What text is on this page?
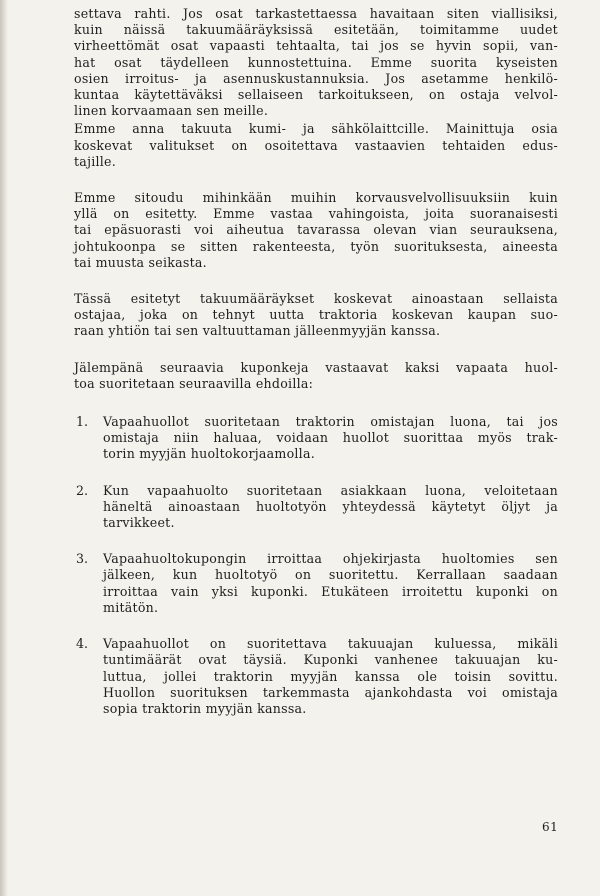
settava rahti. Jos osat tarkastettaessa havaitaan siten viallisiksi,
kuin näissä takuumääräyksissä esitetään, toimitamme uudet
virheettömät osat vapaasti tehtaalta, tai jos se hyvin sopii, van-
hat osat täydelleen kunnostettuina. Emme suorita kyseisten
osien irroitus- ja asennuskustannuksia. Jos asetamme henkilö-
kuntaa käytettäväksi sellaiseen tarkoitukseen, on ostaja velvol-
linen korvaamaan sen meille.

Emme anna takuuta kumi- ja sähkölaittcille. Mainittuja osia
koskevat valitukset on osoitettava vastaavien tehtaiden edus-
tajille.

Emme sitoudu mihinkään muihin korvausvelvollisuuksiin kuin
yllä on esitetty. Emme vastaa vahingoista, joita suoranaisesti
tai epäsuorasti voi aiheutua tavarassa olevan vian seurauksena,
johtukoonpa se sitten rakenteesta, työn suorituksesta, aineesta
tai muusta seikasta.

Tässä esitetyt takuumääräykset koskevat ainoastaan sellaista
ostajaa, joka on tehnyt uutta traktoria koskevan kaupan suo-
raan yhtiön tai sen valtuuttaman jälleenmyyjän kanssa.

Jälempänä seuraavia kuponkeja vastaavat kaksi vapaata huol-
toa suoritetaan seuraavilla ehdoilla:

1. Vapaahuollot suoritetaan traktorin omistajan luona, tai jos
omistaja niin haluaa, voidaan huollot suorittaa myös trak-
torin myyjän huoltokorjaamolla.
2. Kun vapaahuolto suoritetaan asiakkaan luona, veloitetaan
häneltä ainoastaan huoltotyön yhteydessä käytetyt öljyt ja
tarvikkeet.
3. Vapaahuoltokupongin irroittaa ohjekirjasta huoltomies sen
jälkeen, kun huoltotyö on suoritettu. Kerrallaan saadaan
irroittaa vain yksi kuponki. Etukäteen irroitettu kuponki on
mitätön.
4. Vapaahuollot on suoritettava takuuajan kuluessa, mikäli
tuntimäärät ovat täysiä. Kuponki vanhenee takuuajan ku-
luttua, jollei traktorin myyjän kanssa ole toisin sovittu.
Huollon suorituksen tarkemmasta ajankohdasta voi omistaja
sopia traktorin myyjän kanssa.
61
